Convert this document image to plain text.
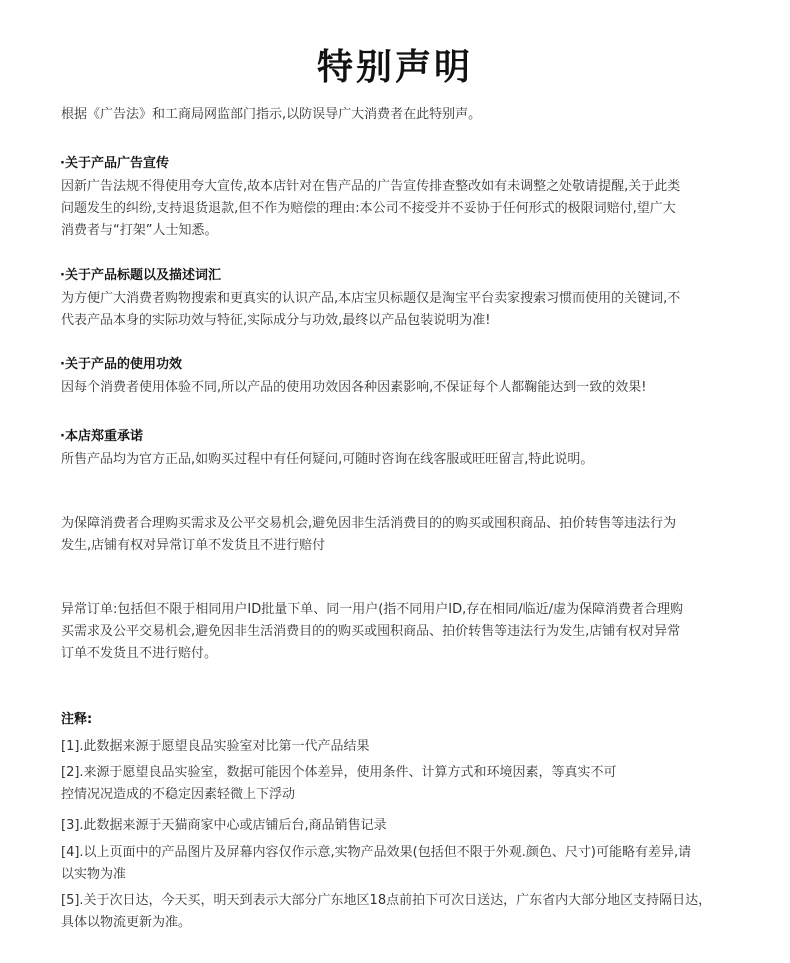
特别声明
根据《广告法》和工商局网监部门指示,以防误导广大消费者在此特别声。
·关于产品广告宣传
因新广告法规不得使用夸大宣传,故本店针对在售产品的广告宣传排查整改如有未调整之处敬请提醒,关于此类
问题发生的纠纷,支持退货退款,但不作为赔偿的理由:本公司不接受并不妥协于任何形式的极限词赔付,望广大
消费者与“打架”人士知悉。
·关于产品标题以及描述词汇
为方便广大消费者购物搜索和更真实的认识产品,本店宝贝标题仅是淘宝平台卖家搜索习惯而使用的关键词,不
代表产品本身的实际功效与特征,实际成分与功效,最终以产品包装说明为准!
·关于产品的使用功效
因每个消费者使用体验不同,所以产品的使用功效因各种因素影响,不保证每个人都鞠能达到一致的效果!
·本店郑重承诺
所售产品均为官方正品,如购买过程中有任何疑问,可随时咨询在线客服或旺旺留言,特此说明。
为保障消费者合理购买需求及公平交易机会,避免因非生活消费目的的购买或囤积商品、拍价转售等违法行为
发生,店铺有权对异常订单不发货且不进行赔付
异常订单:包括但不限于相同用户ID批量下单、同一用户(指不同用户ID,存在相同/临近/虚为保障消费者合理购
买需求及公平交易机会,避免因非生活消费目的的购买或囤积商品、拍价转售等违法行为发生,店铺有权对异常
订单不发货且不进行赔付。
注释:
[1].此数据来源于愿望良品实验室对比第一代产品结果
[2].来源于愿望良品实验室，数据可能因个体差异，使用条件、计算方式和环境因素，等真实不可
控情况况造成的不稳定因素轻微上下浮动
[3].此数据来源于天猫商家中心或店铺后台,商品销售记录
[4].以上页面中的产品图片及屏幕内容仅作示意,实物产品效果(包括但不限于外观.颜色、尺寸)可能略有差异,请
以实物为准
[5].关于次日达，今天买，明天到表示大部分广东地区18点前拍下可次日送达，广东省内大部分地区支持隔日达，
具体以物流更新为准。
